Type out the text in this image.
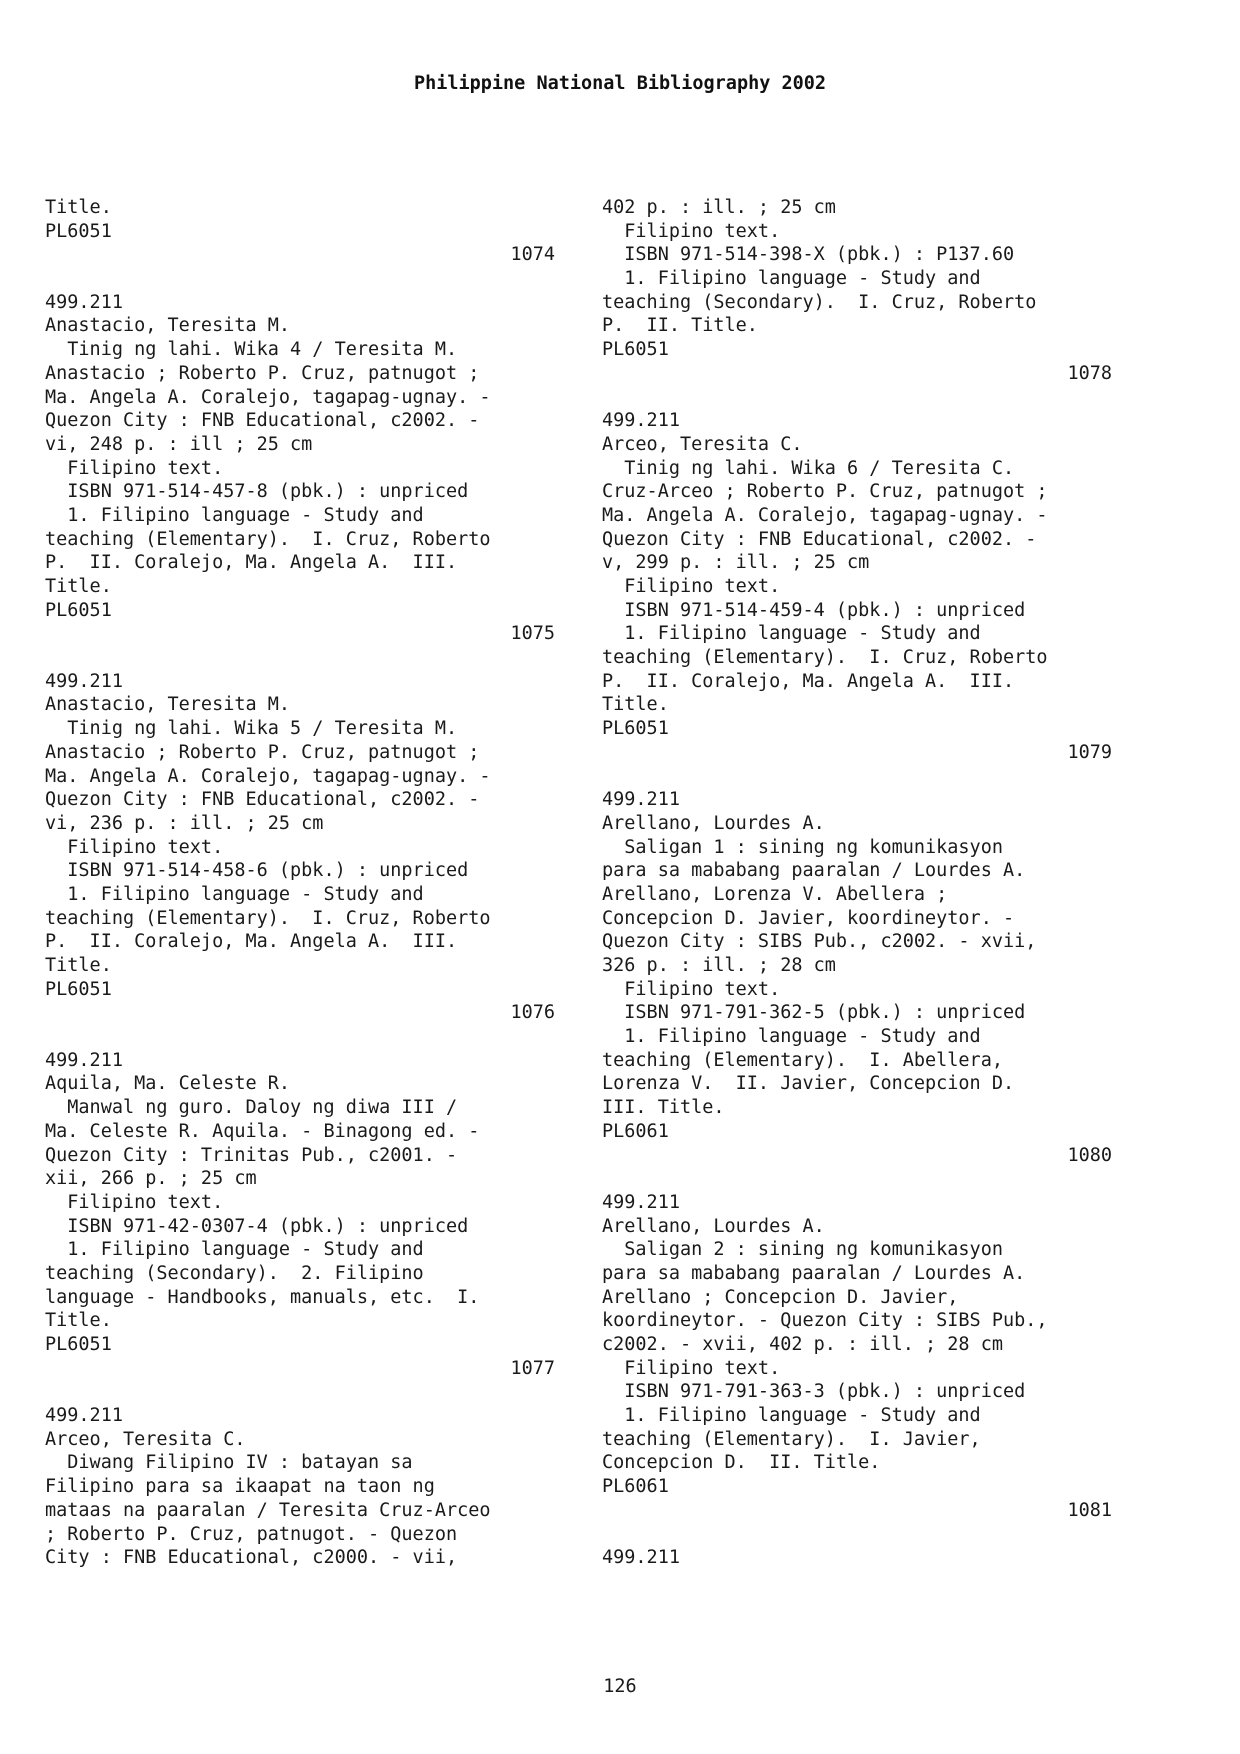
Philippine National Bibliography 2002
Title.
PL6051
1074
499.211
Anastacio, Teresita M.
Tinig ng lahi. Wika 4 / Teresita M.
Anastacio ; Roberto P. Cruz, patnugot ;
Ma. Angela A. Coralejo, tagapag-ugnay. -
Quezon City : FNB Educational, c2002. -
vi, 248 p. : ill ; 25 cm
Filipino text.
ISBN 971-514-457-8 (pbk.) : unpriced
1. Filipino language - Study and
teaching (Elementary).  I. Cruz, Roberto
P.  II. Coralejo, Ma. Angela A.  III.
Title.
PL6051
1075
499.211
Anastacio, Teresita M.
Tinig ng lahi. Wika 5 / Teresita M.
Anastacio ; Roberto P. Cruz, patnugot ;
Ma. Angela A. Coralejo, tagapag-ugnay. -
Quezon City : FNB Educational, c2002. -
vi, 236 p. : ill. ; 25 cm
Filipino text.
ISBN 971-514-458-6 (pbk.) : unpriced
1. Filipino language - Study and
teaching (Elementary).  I. Cruz, Roberto
P.  II. Coralejo, Ma. Angela A.  III.
Title.
PL6051
1076
499.211
Aquila, Ma. Celeste R.
Manwal ng guro. Daloy ng diwa III /
Ma. Celeste R. Aquila. - Binagong ed. -
Quezon City : Trinitas Pub., c2001. -
xii, 266 p. ; 25 cm
Filipino text.
ISBN 971-42-0307-4 (pbk.) : unpriced
1. Filipino language - Study and
teaching (Secondary).  2. Filipino
language - Handbooks, manuals, etc.  I.
Title.
PL6051
1077
499.211
Arceo, Teresita C.
Diwang Filipino IV : batayan sa
Filipino para sa ikaapat na taon ng
mataas na paaralan / Teresita Cruz-Arceo
; Roberto P. Cruz, patnugot. - Quezon
City : FNB Educational, c2000. - vii,
402 p. : ill. ; 25 cm
Filipino text.
ISBN 971-514-398-X (pbk.) : P137.60
1. Filipino language - Study and
teaching (Secondary).  I. Cruz, Roberto
P.  II. Title.
PL6051
1078
499.211
Arceo, Teresita C.
Tinig ng lahi. Wika 6 / Teresita C.
Cruz-Arceo ; Roberto P. Cruz, patnugot ;
Ma. Angela A. Coralejo, tagapag-ugnay. -
Quezon City : FNB Educational, c2002. -
v, 299 p. : ill. ; 25 cm
Filipino text.
ISBN 971-514-459-4 (pbk.) : unpriced
1. Filipino language - Study and
teaching (Elementary).  I. Cruz, Roberto
P.  II. Coralejo, Ma. Angela A.  III.
Title.
PL6051
1079
499.211
Arellano, Lourdes A.
Saligan 1 : sining ng komunikasyon
para sa mababang paaralan / Lourdes A.
Arellano, Lorenza V. Abellera ;
Concepcion D. Javier, koordineytor. -
Quezon City : SIBS Pub., c2002. - xvii,
326 p. : ill. ; 28 cm
Filipino text.
ISBN 971-791-362-5 (pbk.) : unpriced
1. Filipino language - Study and
teaching (Elementary).  I. Abellera,
Lorenza V.  II. Javier, Concepcion D.
III. Title.
PL6061
1080
499.211
Arellano, Lourdes A.
Saligan 2 : sining ng komunikasyon
para sa mababang paaralan / Lourdes A.
Arellano ; Concepcion D. Javier,
koordineytor. - Quezon City : SIBS Pub.,
c2002. - xvii, 402 p. : ill. ; 28 cm
Filipino text.
ISBN 971-791-363-3 (pbk.) : unpriced
1. Filipino language - Study and
teaching (Elementary).  I. Javier,
Concepcion D.  II. Title.
PL6061
1081
499.211
126
